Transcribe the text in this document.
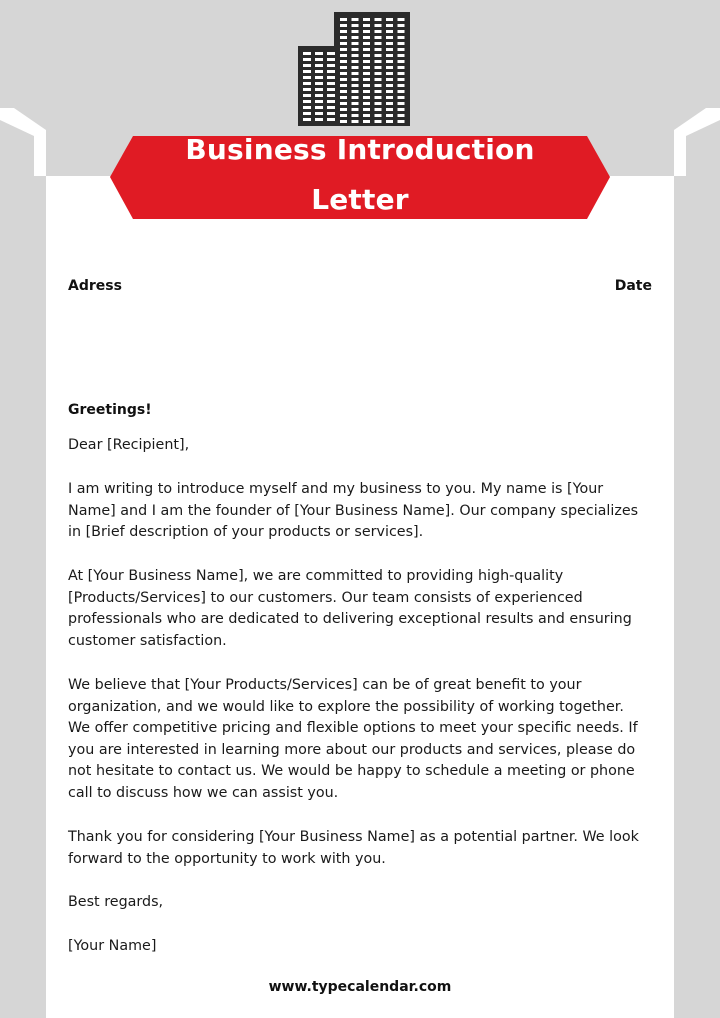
Business Introduction
Letter
Adress	Date
Greetings!
Dear [Recipient],
I am writing to introduce myself and my business to you. My name is [Your Name] and I am the founder of [Your Business Name]. Our company specializes in [Brief description of your products or services].
At [Your Business Name], we are committed to providing high-quality [Products/Services] to our customers. Our team consists of experienced professionals who are dedicated to delivering exceptional results and ensuring customer satisfaction.
We believe that [Your Products/Services] can be of great benefit to your organization, and we would like to explore the possibility of working together. We offer competitive pricing and flexible options to meet your specific needs. If you are interested in learning more about our products and services, please do not hesitate to contact us. We would be happy to schedule a meeting or phone call to discuss how we can assist you.
Thank you for considering [Your Business Name] as a potential partner. We look forward to the opportunity to work with you.
Best regards,
[Your Name]
www.typecalendar.com
